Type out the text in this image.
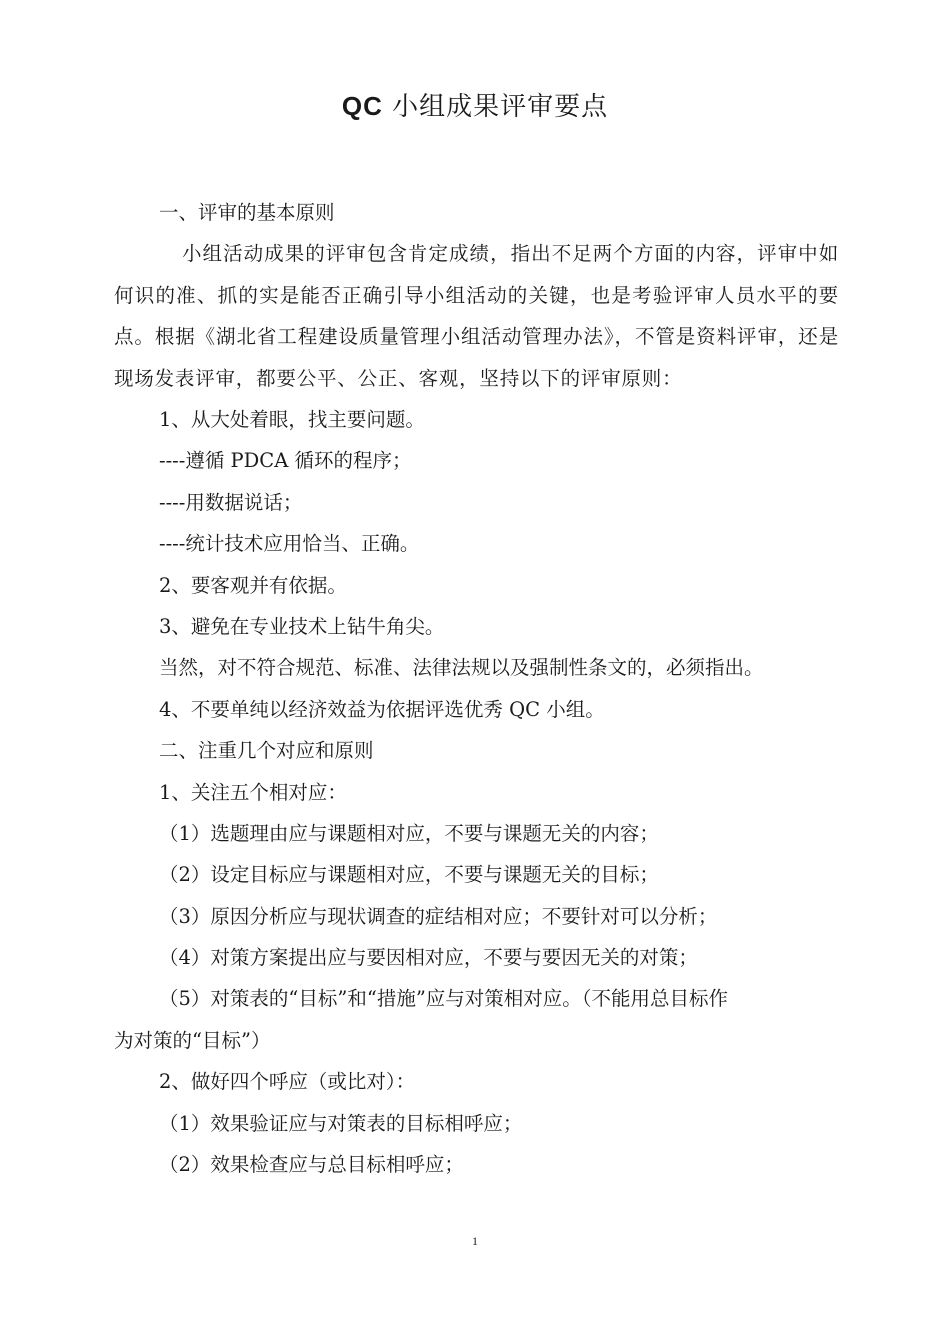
QC 小组成果评审要点
一、评审的基本原则
小组活动成果的评审包含肯定成绩，指出不足两个方面的内容，评审中如何识的准、抓的实是能否正确引导小组活动的关键，也是考验评审人员水平的要点。根据《湖北省工程建设质量管理小组活动管理办法》，不管是资料评审，还是现场发表评审，都要公平、公正、客观，坚持以下的评审原则：
1、从大处着眼，找主要问题。
----遵循 PDCA 循环的程序；
----用数据说话；
----统计技术应用恰当、正确。
2、要客观并有依据。
3、避免在专业技术上钻牛角尖。
当然，对不符合规范、标准、法律法规以及强制性条文的，必须指出。
4、不要单纯以经济效益为依据评选优秀 QC 小组。
二、注重几个对应和原则
1、关注五个相对应：
（1）选题理由应与课题相对应，不要与课题无关的内容；
（2）设定目标应与课题相对应，不要与课题无关的目标；
（3）原因分析应与现状调查的症结相对应；不要针对可以分析；
（4）对策方案提出应与要因相对应，不要与要因无关的对策；
（5）对策表的“目标”和“措施”应与对策相对应。（不能用总目标作
为对策的“目标”）
2、做好四个呼应（或比对）：
（1）效果验证应与对策表的目标相呼应；
（2）效果检查应与总目标相呼应；
1
